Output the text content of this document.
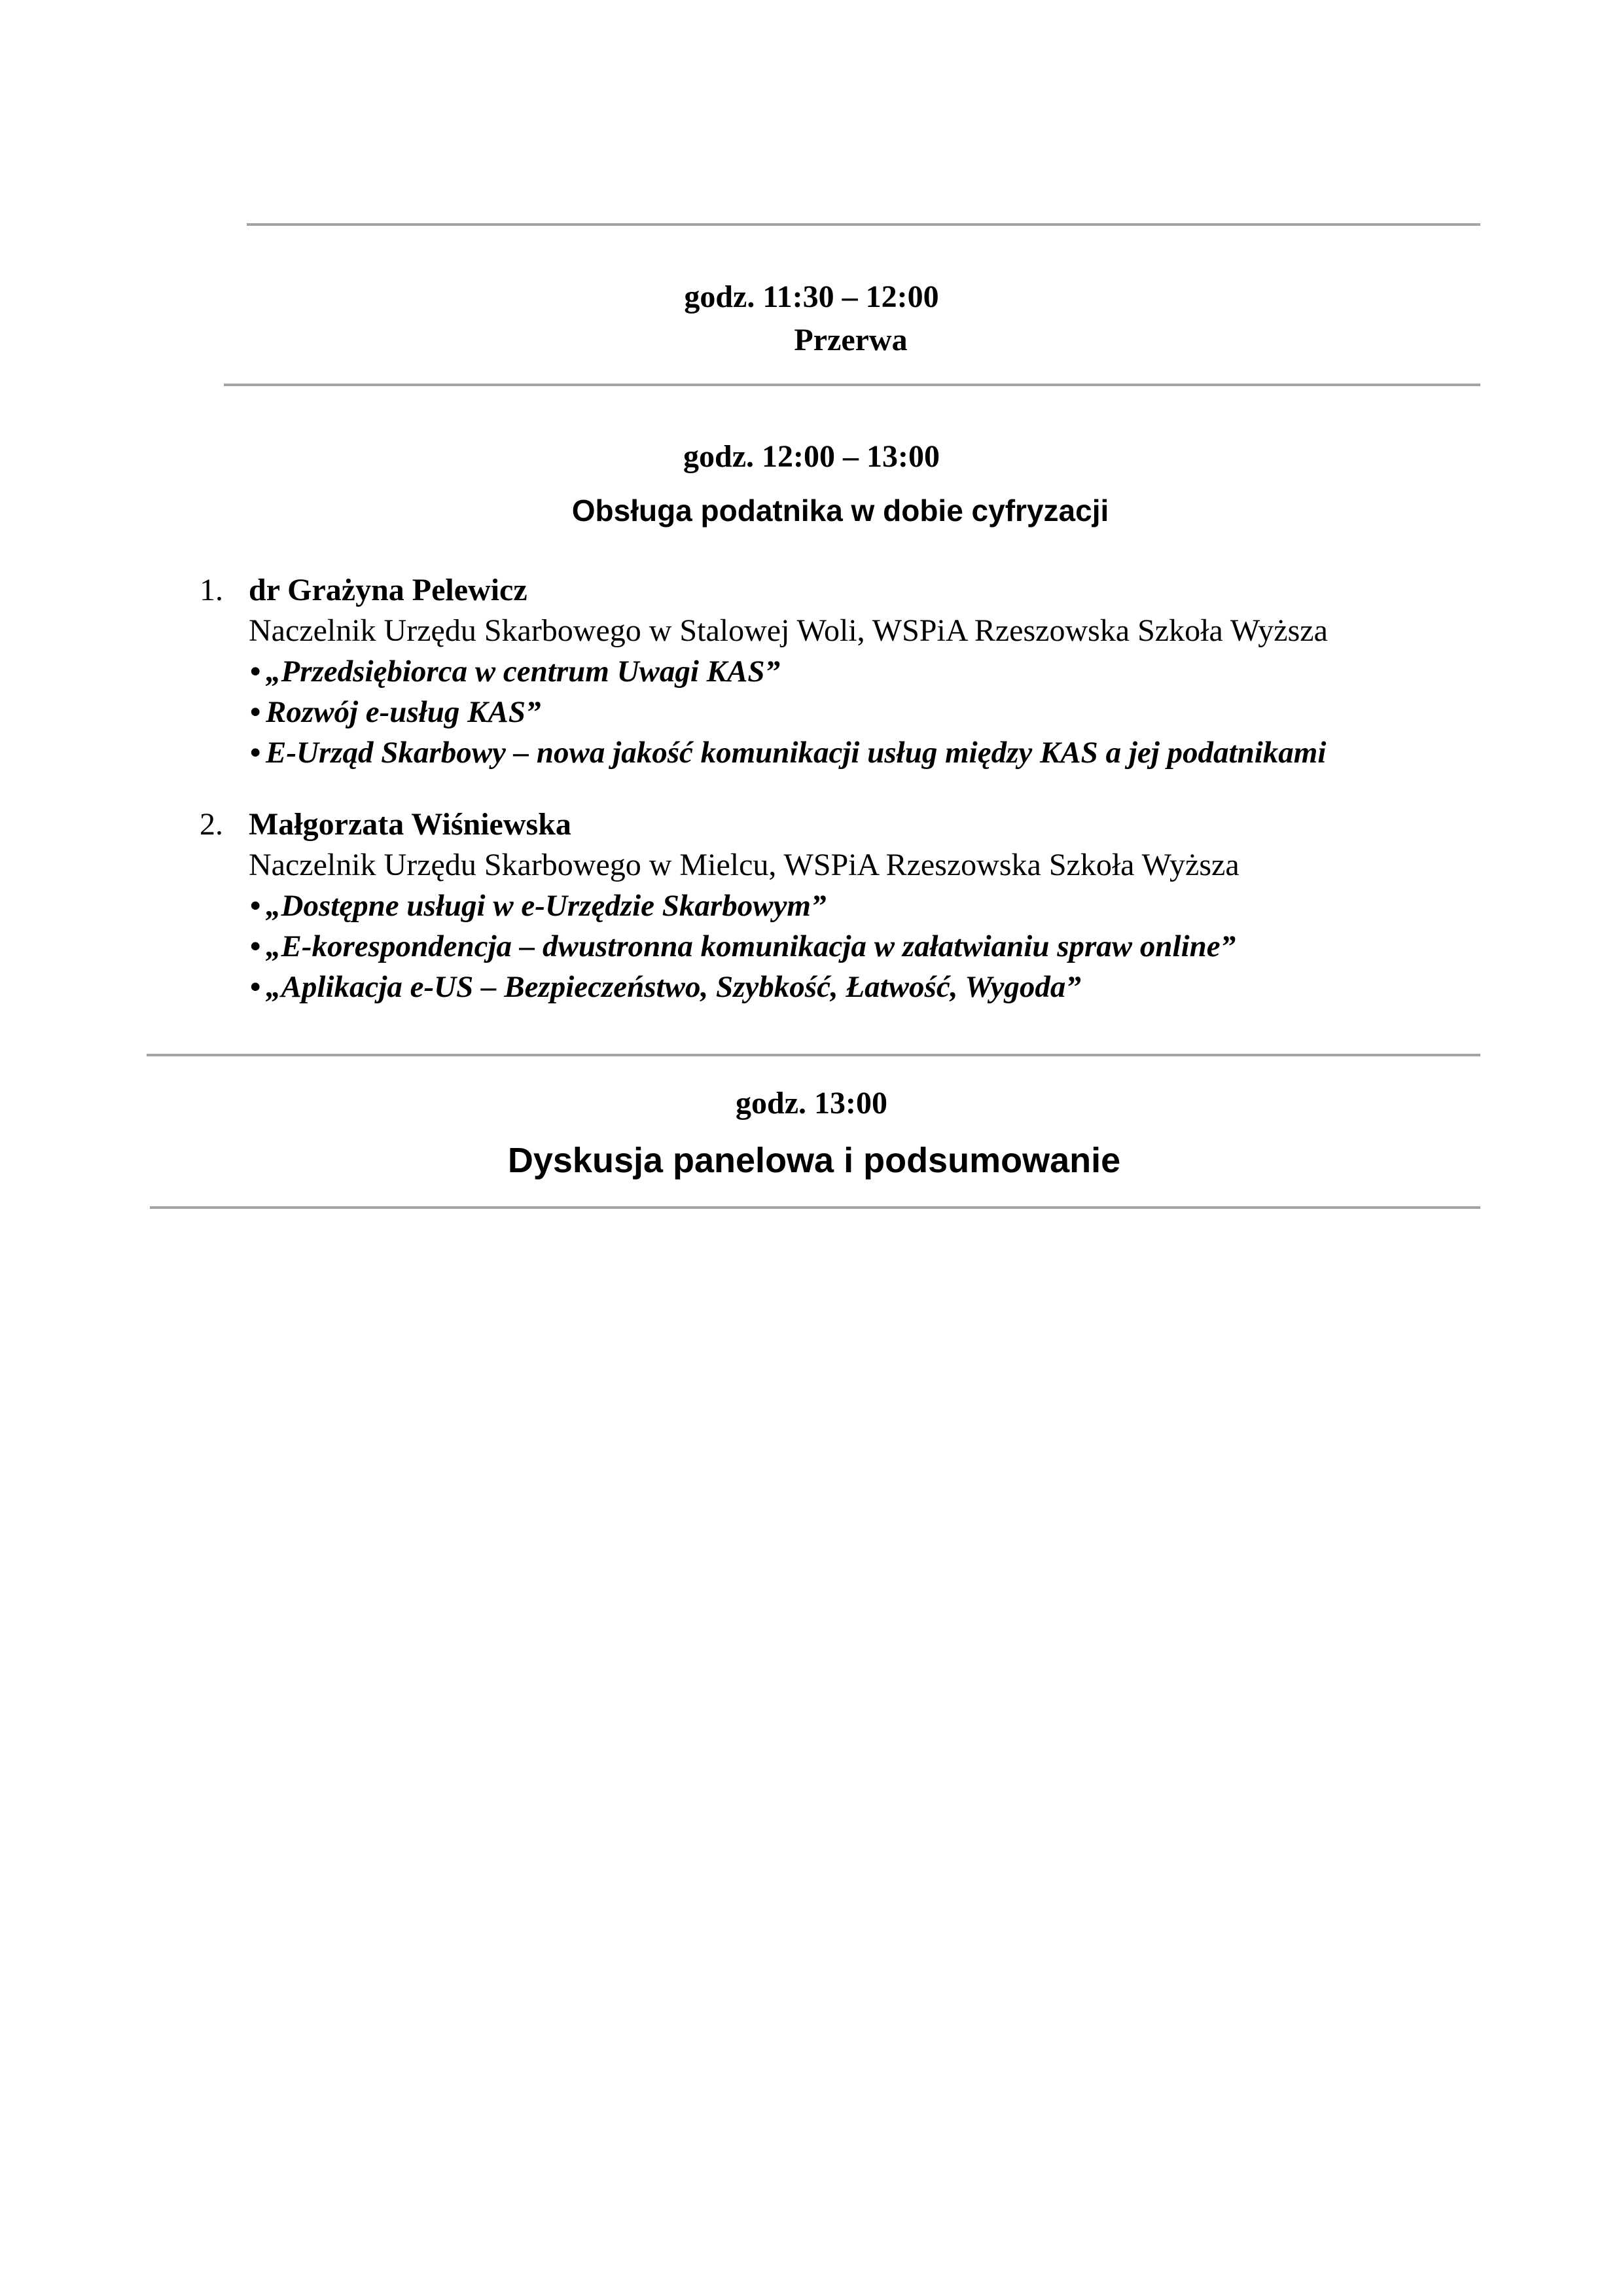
godz. 11:30 – 12:00
Przerwa
godz. 12:00 – 13:00
Obsługa podatnika w dobie cyfryzacji
1. dr Grażyna Pelewicz
Naczelnik Urzędu Skarbowego w Stalowej Woli, WSPiA Rzeszowska Szkoła Wyższa
• „Przedsiębiorca w centrum Uwagi KAS”
• Rozwój e-usług KAS”
• E-Urząd Skarbowy – nowa jakość komunikacji usług między KAS a jej podatnikami
2. Małgorzata Wiśniewska
Naczelnik Urzędu Skarbowego w Mielcu, WSPiA Rzeszowska Szkoła Wyższa
• „Dostępne usługi w e-Urzędzie Skarbowym”
• „E-korespondencja – dwustronna komunikacja w załatwianiu spraw online”
• „Aplikacja e-US – Bezpieczeństwo, Szybkość, Łatwość, Wygoda”
godz. 13:00
Dyskusja panelowa i podsumowanie
